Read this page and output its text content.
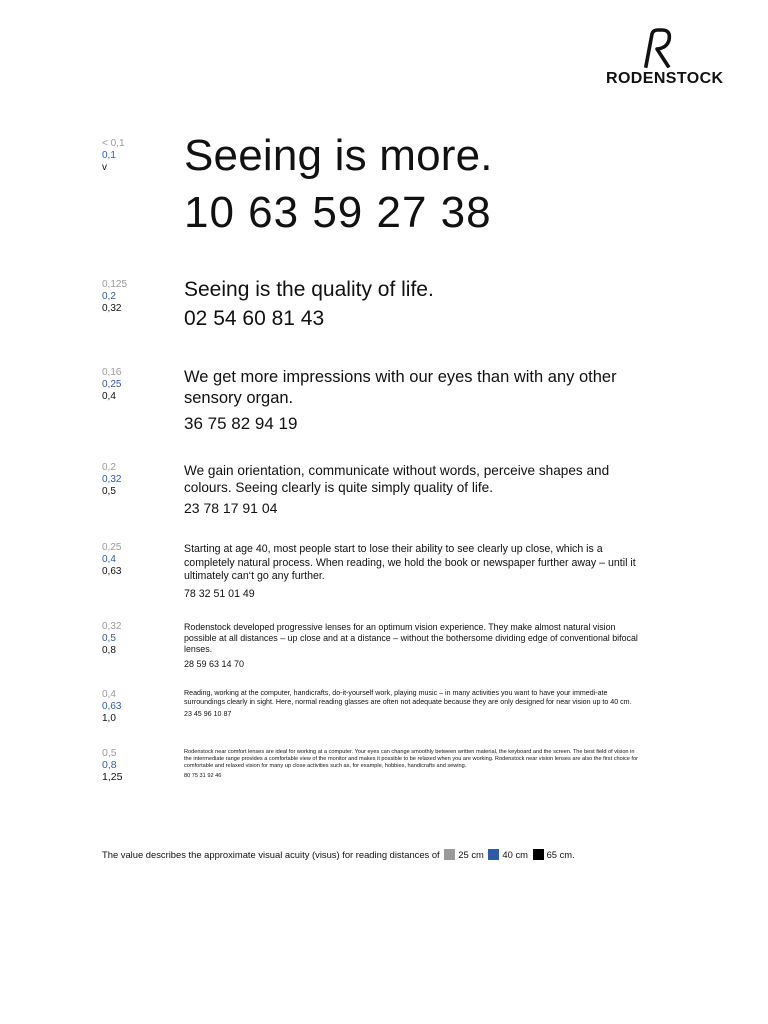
RODENSTOCK
< 0,1
0,1
v	Seeing is more.

10 63 59 27 38
0,125
0,2
0,32

Seeing is the quality of life.

02 54 60 81 43
0,16
0,25
0,4

We get more impressions with our eyes than with any other sensory organ.

36 75 82 94 19
0,2
0,32
0,5

We gain orientation, communicate without words, perceive shapes and colours. Seeing clearly is quite simply quality of life.

23 78 17 91 04
0,25
0,4
0,63

Starting at age 40, most people start to lose their ability to see clearly up close, which is a completely natural process. When reading, we hold the book or newspaper further away – until it ultimately can‘t go any further.

78 32 51 01 49
0,32
0,5
0,8

Rodenstock developed progressive lenses for an optimum vision experience. They make almost natural vision possible at all distances – up close and at a distance – without the bothersome dividing edge of conventional bifocal lenses.

28 59 63 14 70
0,4
0,63
1,0

Reading, working at the computer, handicrafts, do-it-yourself work, playing music – in many activities you want to have your immedi-ate surroundings clearly in sight. Here, normal reading glasses are often not adequate because they are only designed for near vision up to 40 cm.

23 45 96 10 87
0,5
0,8
1,25

Rodenstock near comfort lenses are ideal for working at a computer. Your eyes can change smoothly between written material, the keyboard and the screen. The best field of vision in the intermediate range provides a comfortable view of the monitor and makes it possible to be relaxed when you are working. Rodenstock near vision lenses are also the first choice for comfortable and relaxed vision for many up close activities such as, for example, hobbies, handicrafts and sewing.

80 75 31 92 46
The value describes the approximate visual acuity (visus) for reading distances of 25 cm 40 cm 65 cm.
